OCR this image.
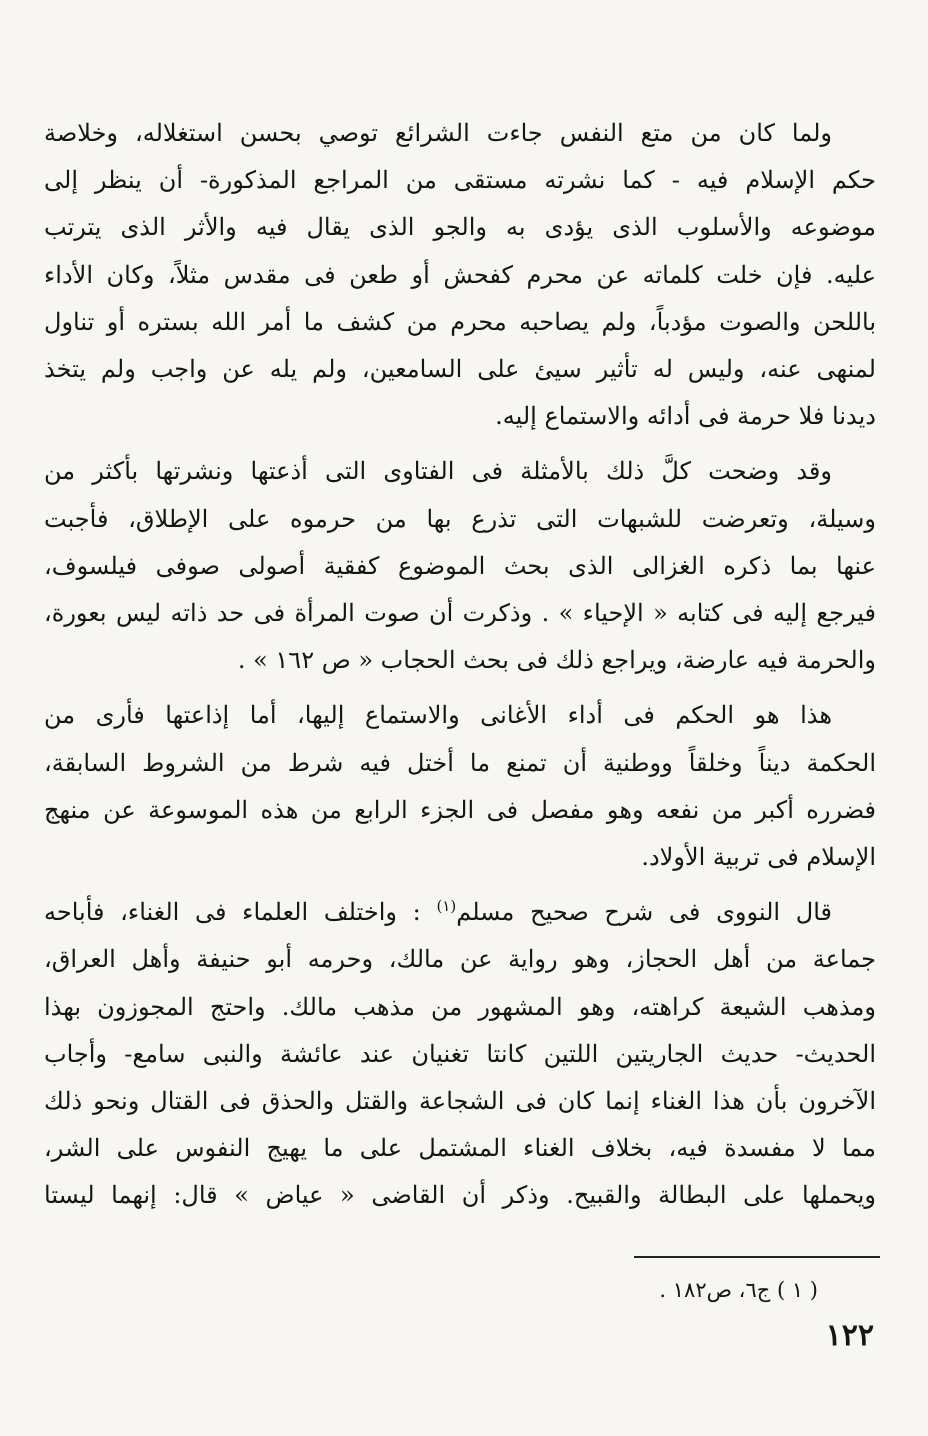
ولما كان من متع النفس جاءت الشرائع توصي بحسن استغلاله، وخلاصة
حكم الإسلام فيه - كما نشرته مستقى من المراجع المذكورة- أن ينظر إلى
موضوعه والأسلوب الذى يؤدى به والجو الذى يقال فيه والأثر الذى يترتب
عليه. فإن خلت كلماته عن محرم كفحش أو طعن فى مقدس مثلاً، وكان الأداء
باللحن والصوت مؤدباً، ولم يصاحبه محرم من كشف ما أمر الله بستره أو تناول
لمنهى عنه، وليس له تأثير سيئ على السامعين، ولم يله عن واجب ولم يتخذ
ديدنا فلا حرمة فى أدائه والاستماع إليه.

وقد وضحت كلَّ ذلك بالأمثلة فى الفتاوى التى أذعتها ونشرتها بأكثر من
وسيلة، وتعرضت للشبهات التى تذرع بها من حرموه على الإطلاق، فأجبت
عنها بما ذكره الغزالى الذى بحث الموضوع كفقية أصولى صوفى فيلسوف،
فيرجع إليه فى كتابه « الإحياء » . وذكرت أن صوت المرأة فى حد ذاته ليس بعورة،
والحرمة فيه عارضة، ويراجع ذلك فى بحث الحجاب « ص ١٦٢ » .

هذا هو الحكم فى أداء الأغانى والاستماع إليها، أما إذاعتها فأرى من
الحكمة ديناً وخلقاً ووطنية أن تمنع ما أختل فيه شرط من الشروط السابقة،
فضرره أكبر من نفعه وهو مفصل فى الجزء الرابع من هذه الموسوعة عن منهج
الإسلام فى تربية الأولاد.

قال النووى فى شرح صحيح مسلم$^{(١)}$ : واختلف العلماء فى الغناء، فأباحه
جماعة من أهل الحجاز، وهو رواية عن مالك، وحرمه أبو حنيفة وأهل العراق،
ومذهب الشيعة كراهته، وهو المشهور من مذهب مالك. واحتج المجوزون بهذا
الحديث- حديث الجاريتين اللتين كانتا تغنيان عند عائشة والنبى سامع- وأجاب
الآخرون بأن هذا الغناء إنما كان فى الشجاعة والقتل والحذق فى القتال ونحو ذلك
مما لا مفسدة فيه، بخلاف الغناء المشتمل على ما يهيج النفوس على الشر،
ويحملها على البطالة والقبيح. وذكر أن القاضى « عياض » قال: إنهما ليستا

( ١ ) ج٦، ص١٨٢ .
١٢٢
